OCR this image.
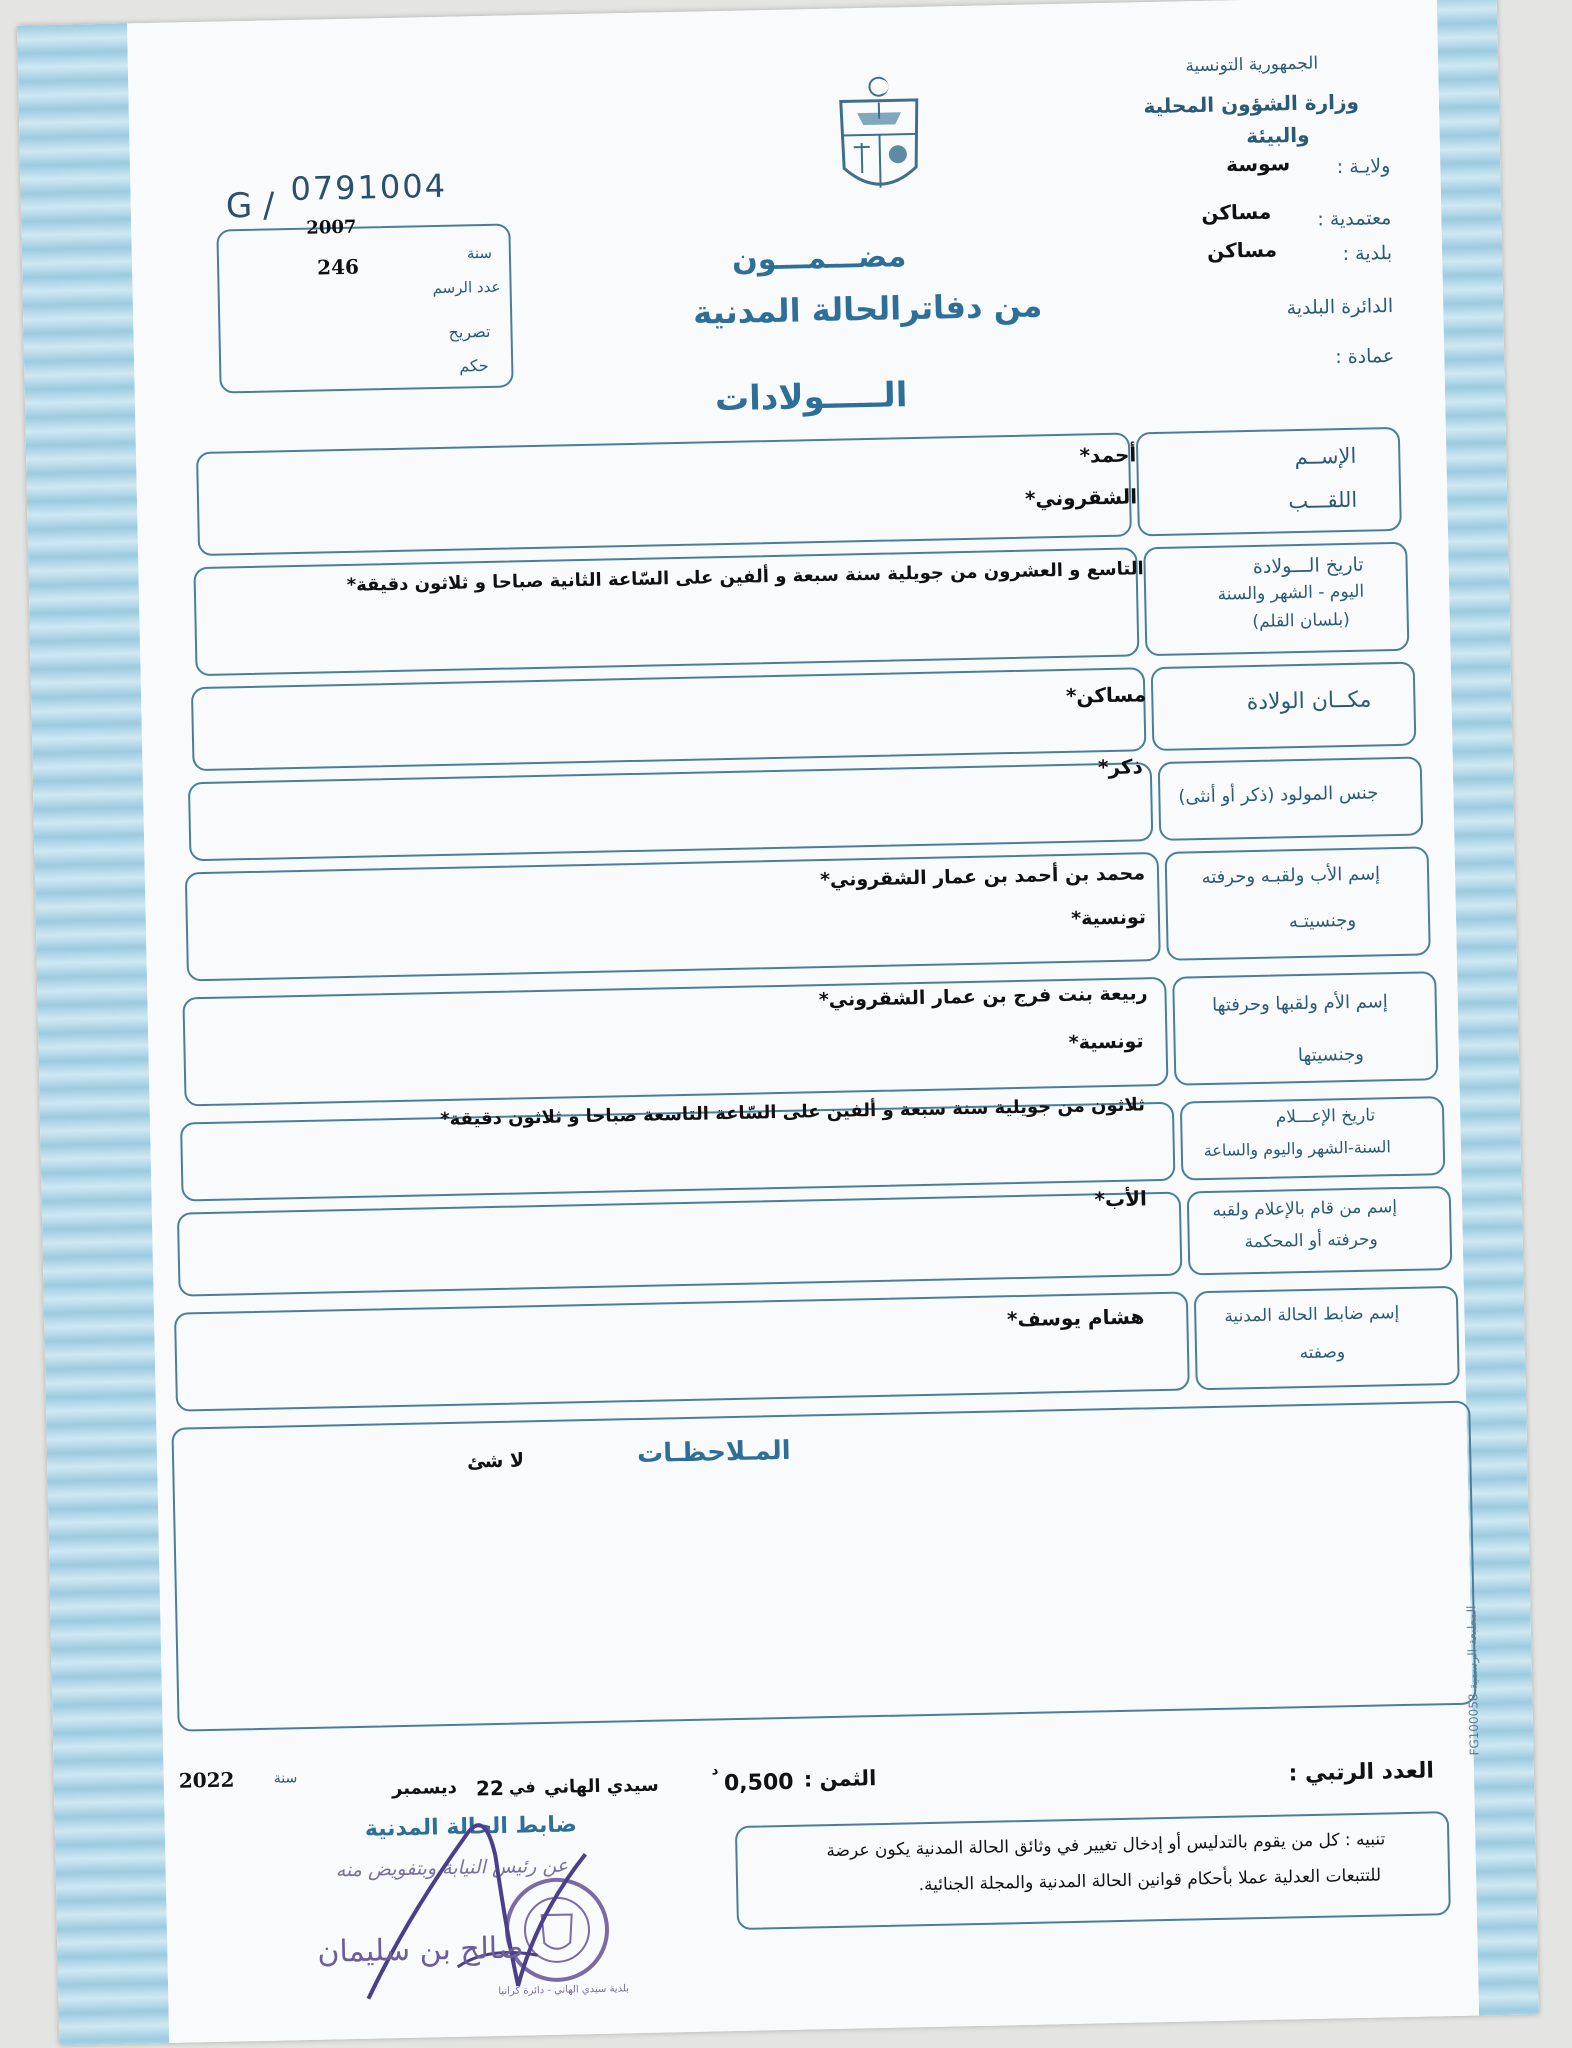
الجمهورية التونسية
وزارة الشؤون المحلية
والبيئة
ولايـة :
سوسة
معتمدية :
مساكن
بلدية :
مساكن
الدائرة البلدية
عمادة :
مضـــمـــون
من دفاترالحالة المدنية
الـــــولادات
G / 0791004
2007
سنة
246
عدد الرسم
تصريح
حكم
الإســم
اللقـــب
أحمد*
الشقروني*
تاريخ الـــولادة
اليوم - الشهر والسنة
(بلسان القلم)
التاسع و العشرون من جويلية سنة سبعة و ألفين على السّاعة الثانية صباحا و ثلاثون دقيقة*
مكــان الولادة
مساكن*
جنس المولود (ذكر أو أنثى)
ذكر*
إسم الأب ولقبـه وحرفته
وجنسيتـه
محمد بن أحمد بن عمار الشقروني*
تونسية*
إسم الأم ولقبها وحرفتها
وجنسيتها
ربيعة بنت فرج بن عمار الشقروني*
تونسية*
تاريخ الإعـــلام
السنة-الشهر واليوم والساعة
ثلاثون من جويلية سنة سبعة و ألفين على السّاعة التاسعة صباحا و ثلاثون دقيقة*
إسم من قام بالإعلام ولقبه
وحرفته أو المحكمة
الأب*
إسم ضابط الحالة المدنية
وصفته
هشام يوسف*
المـلاحظـات
لا شئ
المطبعة الرسمية FG100058
العدد الرتبي :
الثمن :
0,500
د
سيدي الهاني
في
22
ديسمبر
سنة
2022
ضابط الحالة المدنية
عن رئيس النيابة وبتفويض منه
بلدية سيدي الهاني - دائرة كرانيا
صالح بن سليمان
تنبيه : كل من يقوم بالتدليس أو إدخال تغيير في وثائق الحالة المدنية يكون عرضة
للتتبعات العدلية عملا بأحكام قوانين الحالة المدنية والمجلة الجنائية.
